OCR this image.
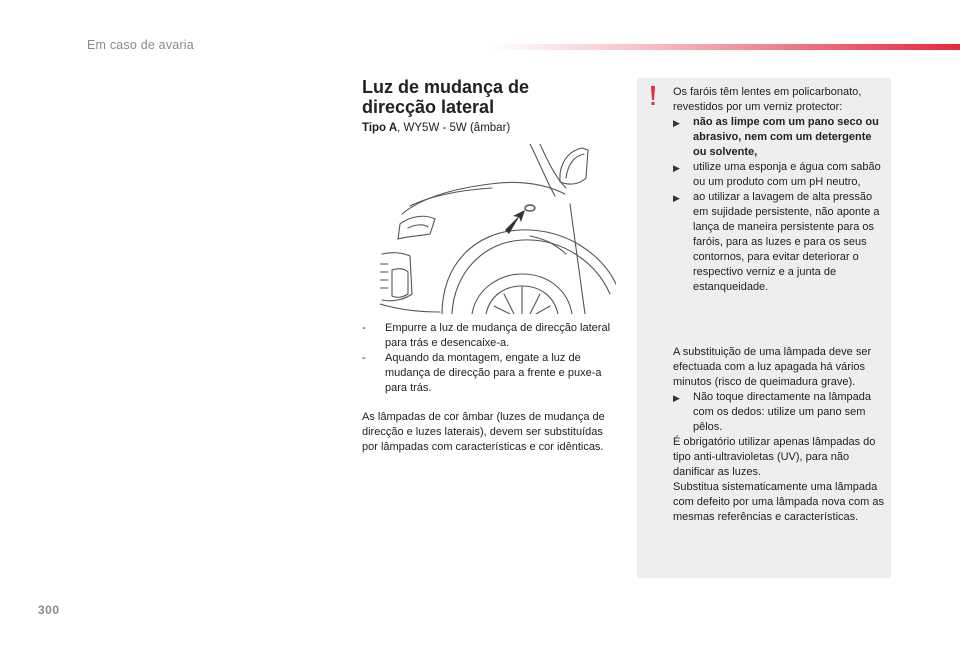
Em caso de avaria
Luz de mudança de direcção lateral
Tipo A, WY5W - 5W (âmbar)
- Empurre a luz de mudança de direcção lateral para trás e desencaixe-a.
- Aquando da montagem, engate a luz de mudança de direcção para a frente e puxe-a para trás.

As lâmpadas de cor âmbar (luzes de mudança de direcção e luzes laterais), devem ser substituídas por lâmpadas com características e cor idênticas.

Os faróis têm lentes em policarbonato, revestidos por um verniz protector:
▶ não as limpe com um pano seco ou abrasivo, nem com um detergente ou solvente,
▶ utilize uma esponja e água com sabão ou um produto com um pH neutro,
▶ ao utilizar a lavagem de alta pressão em sujidade persistente, não aponte a lança de maneira persistente para os faróis, para as luzes e para os seus contornos, para evitar deteriorar o respectivo verniz e a junta de estanqueidade.

A substituição de uma lâmpada deve ser efectuada com a luz apagada há vários minutos (risco de queimadura grave).

▶ Não toque directamente na lâmpada com os dedos: utilize um pano sem pêlos.

É obrigatório utilizar apenas lâmpadas do tipo anti-ultravioletas (UV), para não danificar as luzes.

Substitua sistematicamente uma lâmpada com defeito por uma lâmpada nova com as mesmas referências e características.

300
